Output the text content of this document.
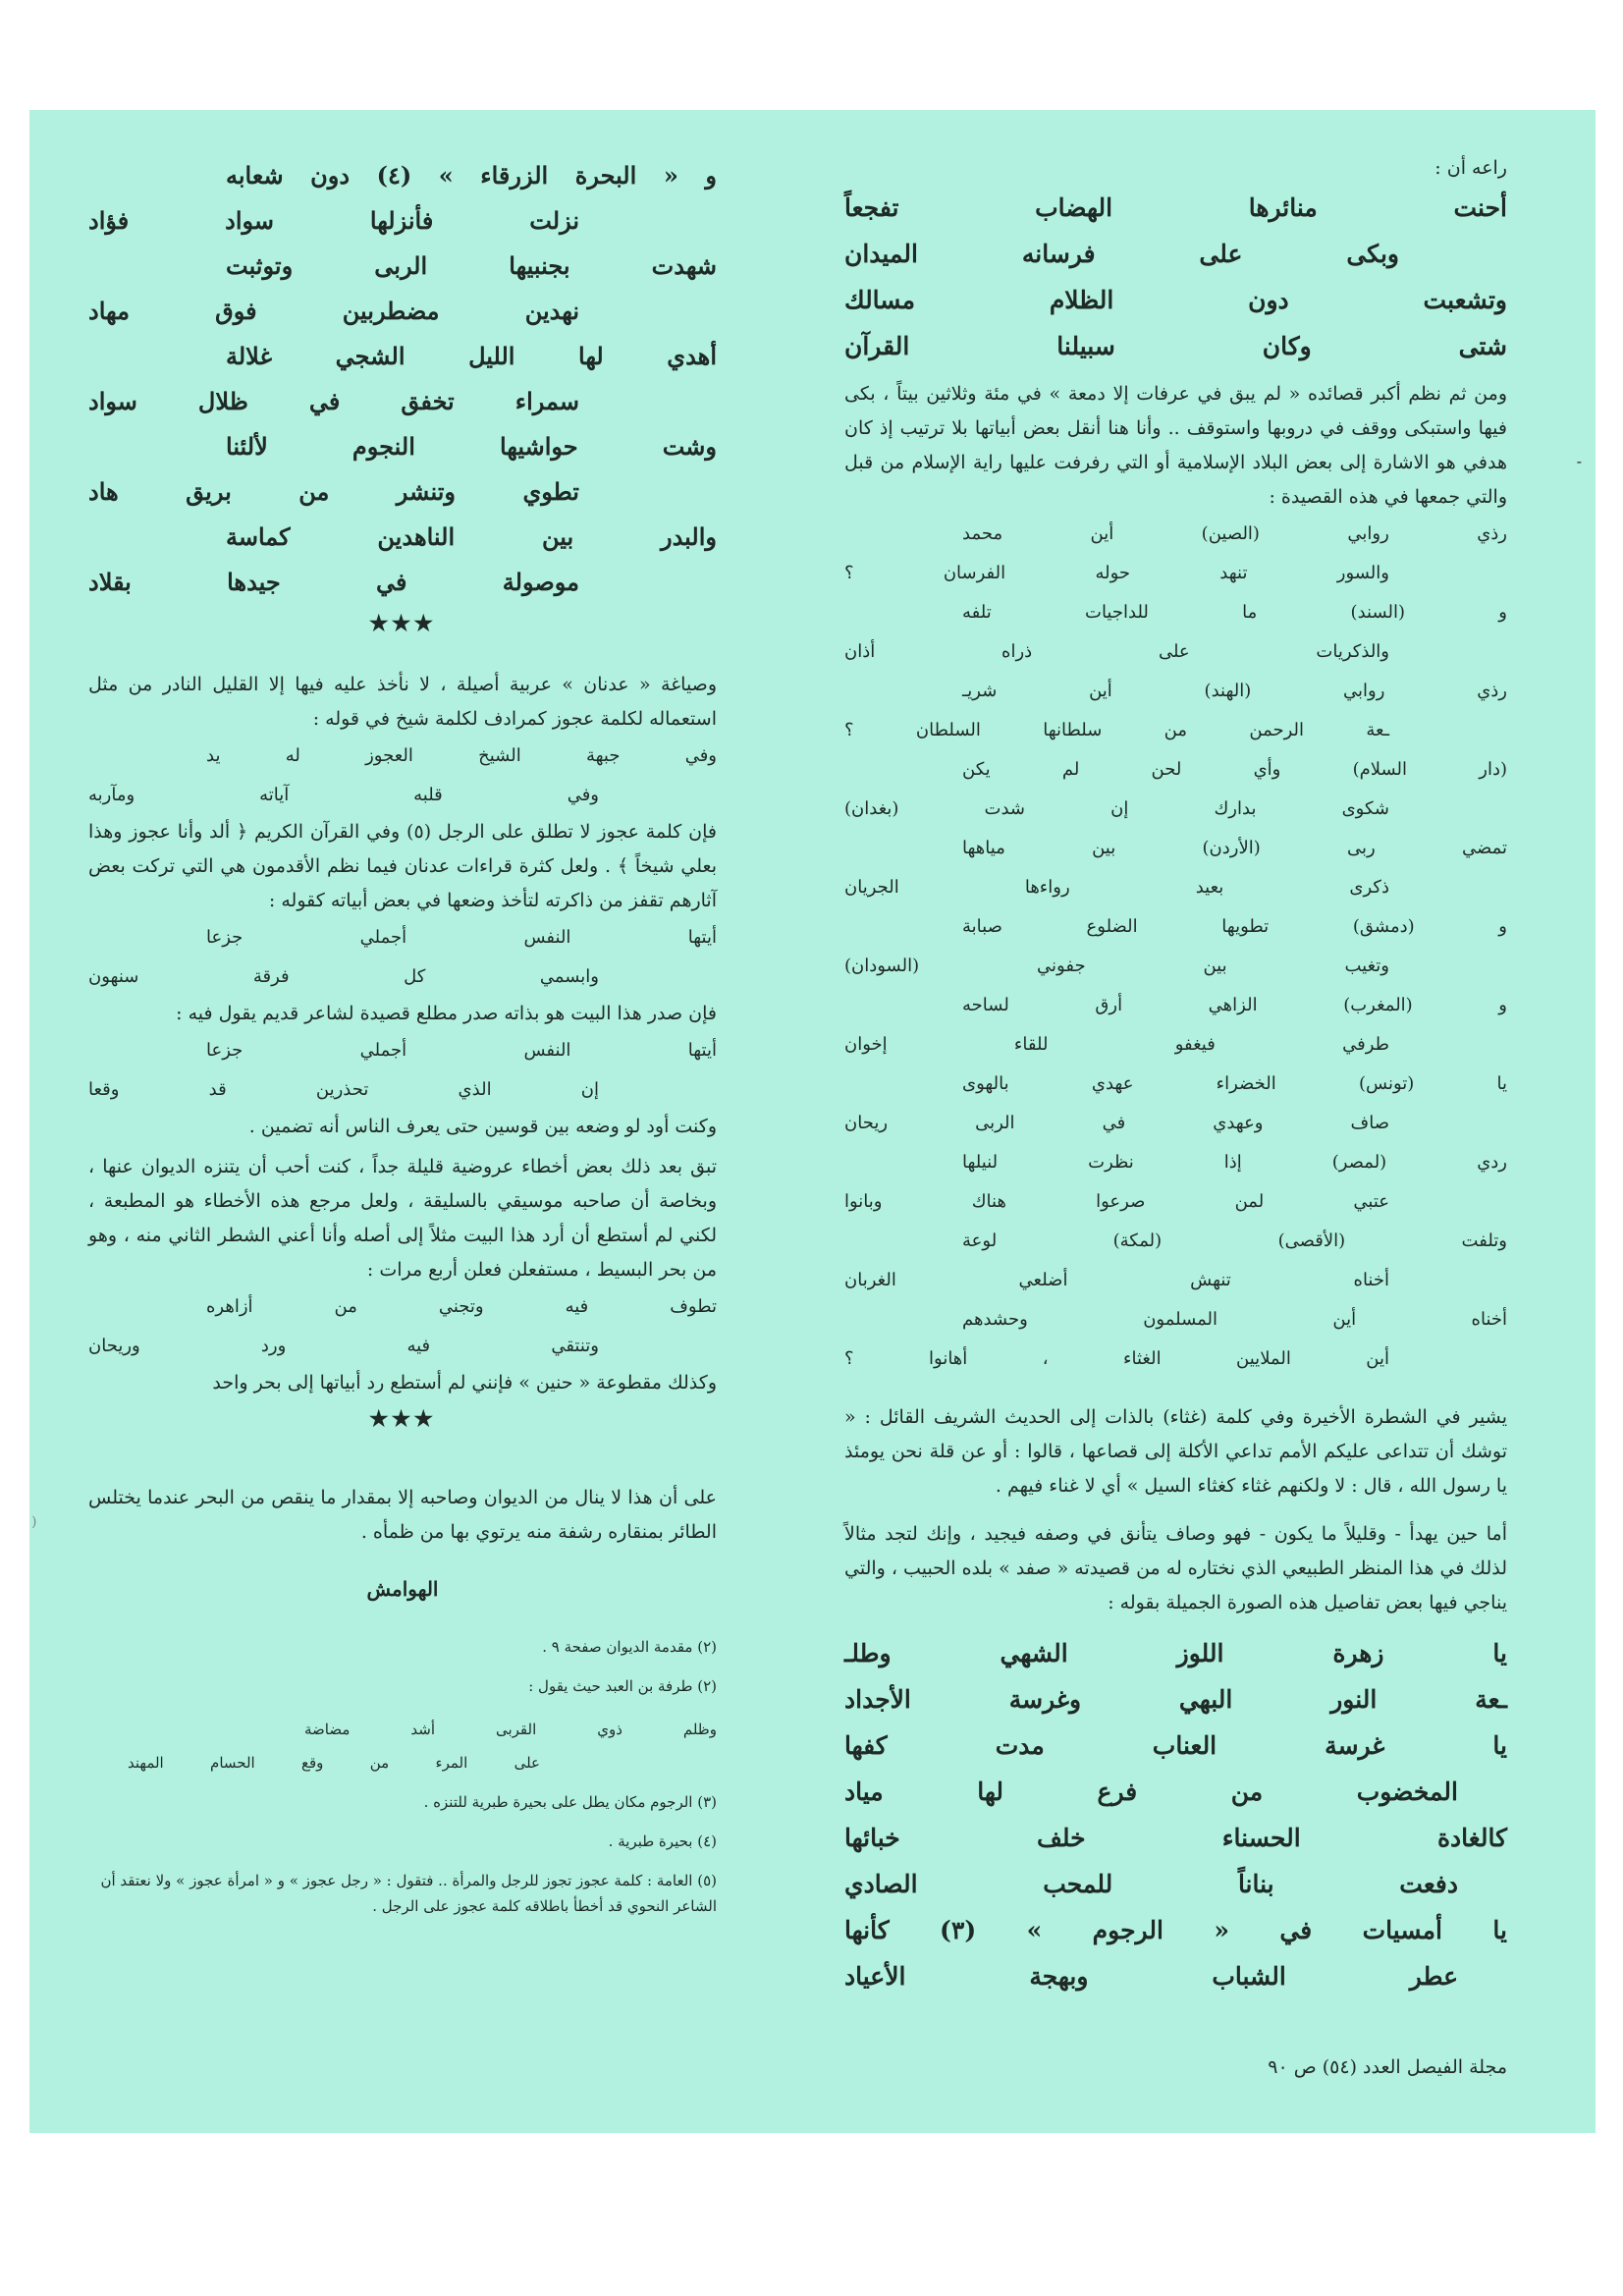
-
(

راعه أن :

أحنت منائرها الهضاب تفجعاً
وبكى على فرسانه الميدان
وتشعبت دون الظلام مسالك
شتى وكان سبيلنا القرآن

ومن ثم نظم أكبر قصائده « لم يبق في عرفات إلا دمعة » في مئة وثلاثين بيتاً ، بكى فيها واستبكى ووقف في دروبها واستوقف .. وأنا هنا أنقل بعض أبياتها بلا ترتيب إذ كان هدفي هو الاشارة إلى بعض البلاد الإسلامية أو التي رفرفت عليها راية الإسلام من قبل والتي جمعها في هذه القصيدة :

رذي روابي (الصين) أين محمد
والسور تنهد حوله الفرسان ؟
و (السند) ما للداجيات تلفه
والذكريات على ذراه أذان
رذي روابي (الهند) أين شريـ
ـعة الرحمن من سلطانها السلطان ؟
(دار السلام) وأي لحن لم يكن
شكوى بدارك إن شدت (بغدان)
تمضي ربى (الأردن) بين مياهها
ذكرى بعيد رواءها الجريان
و (دمشق) تطويها الضلوع صبابة
وتغيب بين جفوني (السودان)
و (المغرب) الزاهي أرق لساحه
طرفي فيغفو للقاء إخوان
يا (تونس) الخضراء عهدي بالهوى
صاف وعهدي في الربى ريحان
ردي (لمصر) إذا نظرت لنيلها
عتبي لمن صرعوا هناك وبانوا
وتلفت (الأقصى) (لمكة) لوعة
أخناه تنهش أضلعي الغربان
أخناه أين المسلمون وحشدهم
أين الملايين الغثاء ، أهانوا ؟

يشير في الشطرة الأخيرة وفي كلمة (غثاء) بالذات إلى الحديث الشريف القائل : « توشك أن تتداعى عليكم الأمم تداعي الأكلة إلى قصاعها ، قالوا : أو عن قلة نحن يومئذ يا رسول الله ، قال : لا ولكنهم غثاء كغثاء السيل » أي لا غناء فيهم .

أما حين يهدأ - وقليلاً ما يكون - فهو وصاف يتأنق في وصفه فيجيد ، وإنك لتجد مثالاً لذلك في هذا المنظر الطبيعي الذي نختاره له من قصيدته « صفد » بلده الحبيب ، والتي يناجي فيها بعض تفاصيل هذه الصورة الجميلة بقوله :

يا زهرة اللوز الشهي وطلـ
ـعة النور البهي وغرسة الأجداد
يا غرسة العناب مدت كفها
المخضوب من فرع لها مياد
كالغادة الحسناء خلف خبائها
دفعت بناناً للمحب الصادي
يا أمسيات في « الرجوم » (٣) كأنها
عطر الشباب وبهجة الأعياد
و « البحرة الزرقاء » (٤) دون شعابه
نزلت فأنزلها سواد فؤاد
شهدت بجنبيها الربى وتوثبت
نهدين مضطربين فوق مهاد
أهدي لها الليل الشجي غلالة
سمراء تخفق في ظلال سواد
وشت حواشيها النجوم لألئنا
تطوي وتنشر من بريق هاد
والبدر بين الناهدين كماسة
موصولة في جيدها بقلاد
★★★

وصياغة « عدنان » عربية أصيلة ، لا نأخذ عليه فيها إلا القليل النادر من مثل استعماله لكلمة عجوز كمرادف لكلمة شيخ في قوله :

وفي جبهة الشيخ العجوز له يد
وفي قلبه آياته ومآربه

فإن كلمة عجوز لا تطلق على الرجل (٥) وفي القرآن الكريم ﴿ ألد وأنا عجوز وهذا بعلي شيخاً ﴾ . ولعل كثرة قراءات عدنان فيما نظم الأقدمون هي التي تركت بعض آثارهم تقفز من ذاكرته لتأخذ وضعها في بعض أبياته كقوله :

أيتها النفس أجملي جزعا
وابسمي كل فرقة سنهون

فإن صدر هذا البيت هو بذاته صدر مطلع قصيدة لشاعر قديم يقول فيه :

أيتها النفس أجملي جزعا
إن الذي تحذرين قد وقعا

وكنت أود لو وضعه بين قوسين حتى يعرف الناس أنه تضمين .

تبق بعد ذلك بعض أخطاء عروضية قليلة جداً ، كنت أحب أن يتنزه الديوان عنها ، وبخاصة أن صاحبه موسيقي بالسليقة ، ولعل مرجع هذه الأخطاء هو المطبعة ، لكني لم أستطع أن أرد هذا البيت مثلاً إلى أصله وأنا أعني الشطر الثاني منه ، وهو من بحر البسيط ، مستفعلن فعلن أربع مرات :

تطوف فيه وتجني من أزاهره
وتنتقي فيه ورد وريحان

وكذلك مقطوعة « حنين » فإنني لم أستطع رد أبياتها إلى بحر واحد

★★★

على أن هذا لا ينال من الديوان وصاحبه إلا بمقدار ما ينقص من البحر عندما يختلس الطائر بمنقاره رشفة منه يرتوي بها من ظمأه .

الهوامش

(٢) مقدمة الديوان صفحة ٩ .

(٢) طرفة بن العبد حيث يقول :

وظلم ذوي القربى أشد مضاضة
على المرء من وقع الحسام المهند

(٣) الرجوم مكان يطل على بحيرة طبرية للتنزه .

(٤) بحيرة طبرية .

(٥) العامة : كلمة عجوز تجوز للرجل والمرأة .. فتقول : « رجل عجوز » و « امرأة عجوز » ولا نعتقد أن الشاعر النحوي قد أخطأ باطلاقه كلمة عجوز على الرجل .

مجلة الفيصل العدد (٥٤) ص ٩٠
